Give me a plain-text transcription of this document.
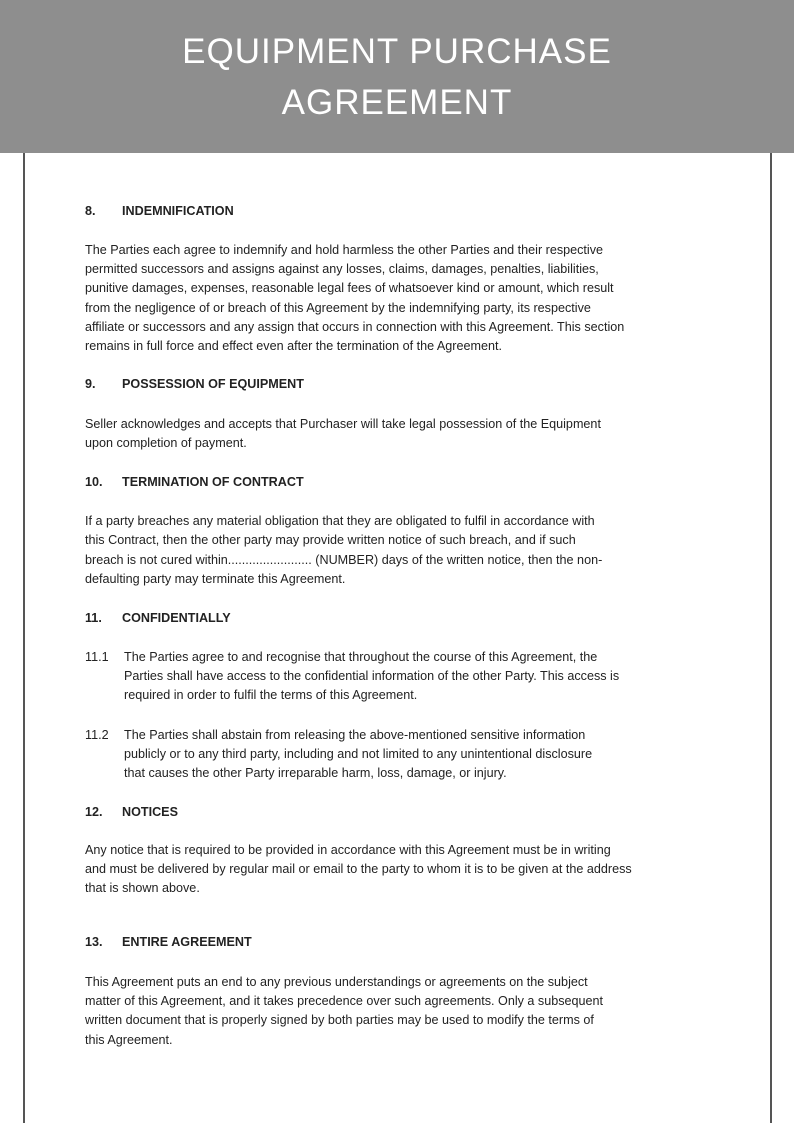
EQUIPMENT PURCHASE
AGREEMENT
8. INDEMNIFICATION
The Parties each agree to indemnify and hold harmless the other Parties and their respective
permitted successors and assigns against any losses, claims, damages, penalties, liabilities,
punitive damages, expenses, reasonable legal fees of whatsoever kind or amount, which result
from the negligence of or breach of this Agreement by the indemnifying party, its respective
affiliate or successors and any assign that occurs in connection with this Agreement. This section
remains in full force and effect even after the termination of the Agreement.
9. POSSESSION OF EQUIPMENT
Seller acknowledges and accepts that Purchaser will take legal possession of the Equipment
upon completion of payment.
10. TERMINATION OF CONTRACT
If a party breaches any material obligation that they are obligated to fulfil in accordance with
this Contract, then the other party may provide written notice of such breach, and if such
breach is not cured within........................ (NUMBER) days of the written notice, then the non-
defaulting party may terminate this Agreement.
11. CONFIDENTIALLY
11.1 The Parties agree to and recognise that throughout the course of this Agreement, the
Parties shall have access to the confidential information of the other Party. This access is
required in order to fulfil the terms of this Agreement.
11.2 The Parties shall abstain from releasing the above-mentioned sensitive information
publicly or to any third party, including and not limited to any unintentional disclosure
that causes the other Party irreparable harm, loss, damage, or injury.
12. NOTICES
Any notice that is required to be provided in accordance with this Agreement must be in writing
and must be delivered by regular mail or email to the party to whom it is to be given at the address
that is shown above.
13. ENTIRE AGREEMENT
This Agreement puts an end to any previous understandings or agreements on the subject
matter of this Agreement, and it takes precedence over such agreements. Only a subsequent
written document that is properly signed by both parties may be used to modify the terms of
this Agreement.
